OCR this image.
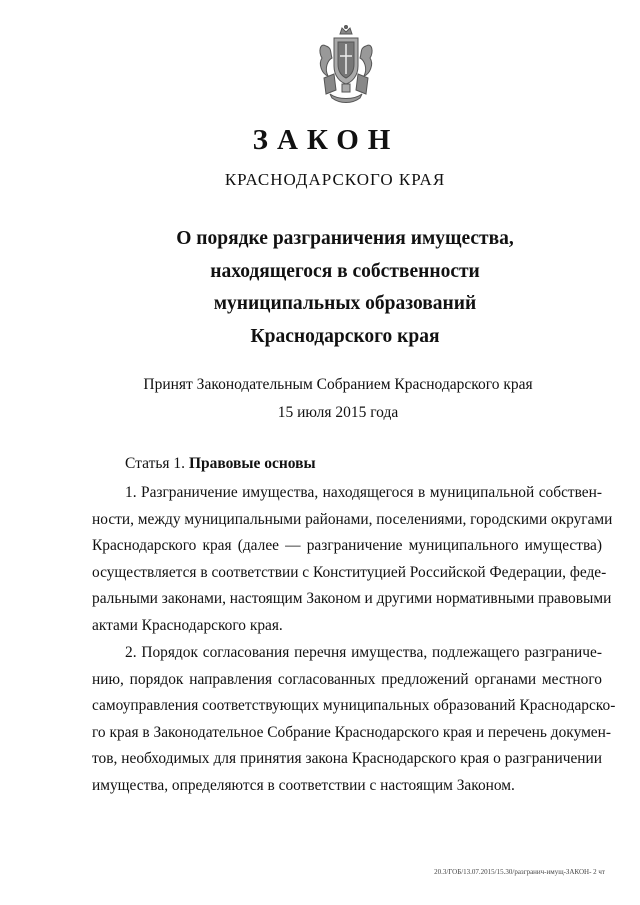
ЗАКОН
КРАСНОДАРСКОГО КРАЯ
О порядке разграничения имущества,
находящегося в собственности
муниципальных образований
Краснодарского края
Принят Законодательным Собранием Краснодарского края
15 июля 2015 года
Статья 1. Правовые основы
1. Разграничение имущества, находящегося в муниципальной собствен-
ности, между муниципальными районами, поселениями, городскими округами
Краснодарского края (далее — разграничение муниципального имущества)
осуществляется в соответствии с Конституцией Российской Федерации, феде-
ральными законами, настоящим Законом и другими нормативными правовыми
актами Краснодарского края.
2. Порядок согласования перечня имущества, подлежащего разграниче-
нию, порядок направления согласованных предложений органами местного
самоуправления соответствующих муниципальных образований Краснодарско-
го края в Законодательное Собрание Краснодарского края и перечень докумен-
тов, необходимых для принятия закона Краснодарского края о разграничении
имущества, определяются в соответствии с настоящим Законом.
20.3/ГОБ/13.07.2015/15.30/разгранич-имущ-ЗАКОН- 2 чт
